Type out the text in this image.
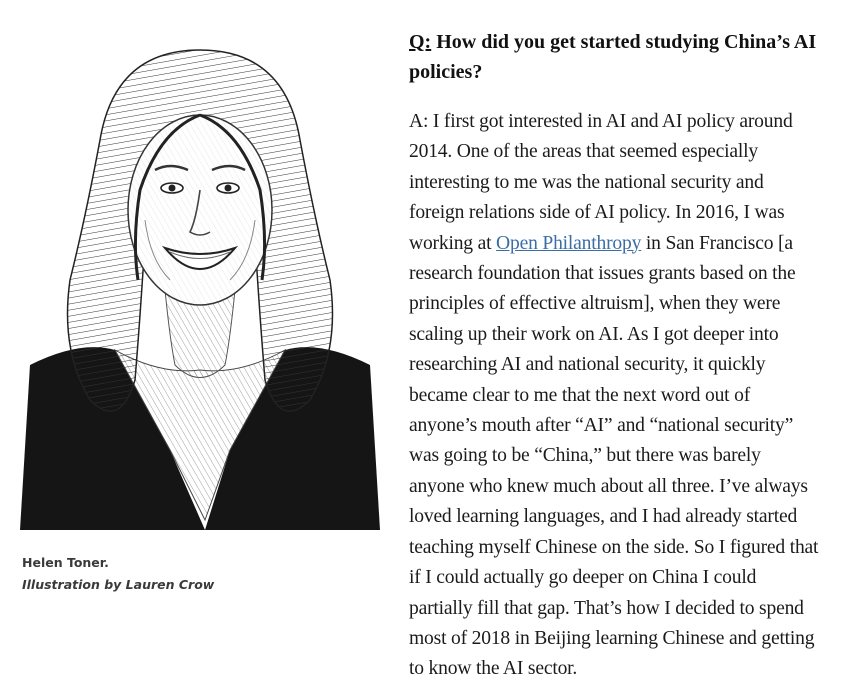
Helen Toner.
Illustration by Lauren Crow

Q: How did you get started studying China’s AI policies?

A: I first got interested in AI and AI policy around 2014. One of the areas that seemed especially interesting to me was the national security and foreign relations side of AI policy. In 2016, I was working at Open Philanthropy in San Francisco [a research foundation that issues grants based on the principles of effective altruism], when they were scaling up their work on AI. As I got deeper into researching AI and national security, it quickly became clear to me that the next word out of anyone’s mouth after “AI” and “national security” was going to be “China,” but there was barely anyone who knew much about all three. I’ve always loved learning languages, and I had already started teaching myself Chinese on the side. So I figured that if I could actually go deeper on China I could partially fill that gap. That’s how I decided to spend most of 2018 in Beijing learning Chinese and getting to know the AI sector.
